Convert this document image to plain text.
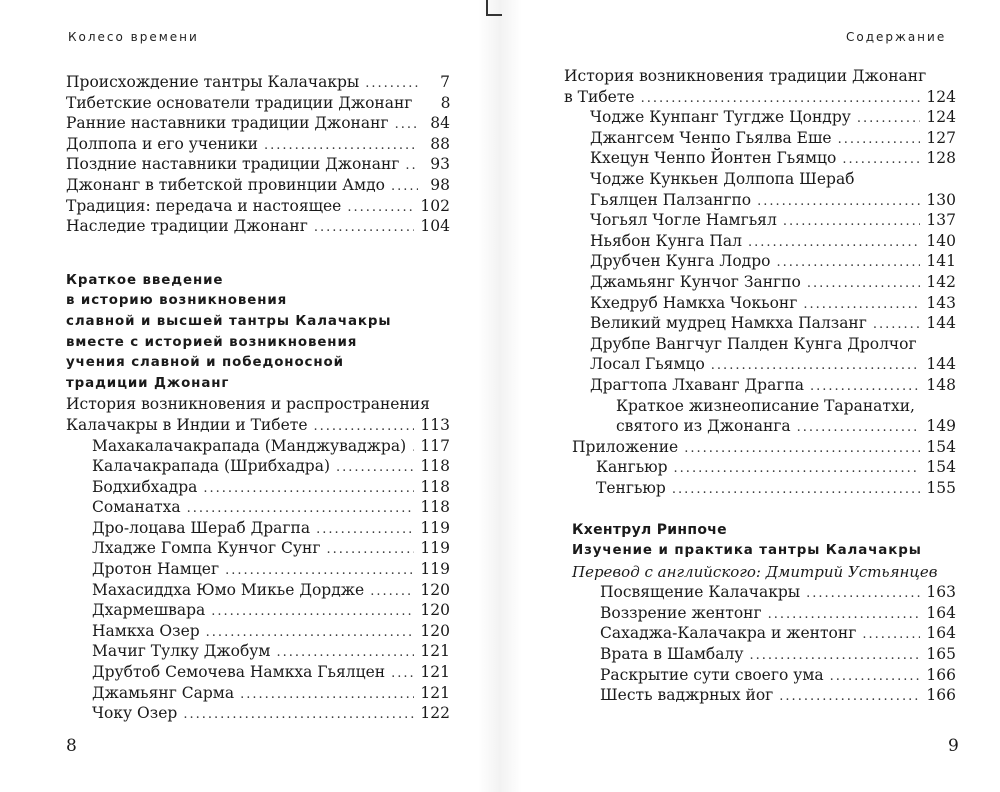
Колесо времени
Происхождение тантры Калачакры .....	7
Тибетские основатели традиции Джонанг	8
Ранние наставники традиции Джонанг .....	84
Долпопа и его ученики .....	88
Поздние наставники традиции Джонанг .....	93
Джонанг в тибетской провинции Амдо .....	98
Традиция: передача и настоящее .....	102
Наследие традиции Джонанг .....	104
Краткое введение
в историю возникновения
славной и высшей тантры Калачакры
вместе с историей возникновения
учения славной и победоносной
традиции Джонанг
История возникновения и распространения
Калачакры в Индии и Тибете .....	113
Махакалачакрапада (Манджуваджра) ..... 117
Калачакрапада (Шрибхадра) .....	118
Бодхибхадра .....	118
Соманатха .....	118
Дро-лоцава Шераб Драгпа .....	119
Лхадже Гомпа Кунчог Сунг .....	119
Дротон Намцег .....	119
Махасиддха Юмо Микье Дордже .....	120
Дхармешвара .....	120
Намкха Озер .....	120
Мачиг Тулку Джобум .....	121
Друбтоб Семочева Намкха Гьялцен ..... 121
Джамьянг Сарма .....	121
Чоку Озер .....	122
8
Содержание
История возникновения традиции Джонанг
в Тибете .....	124
Чодже Кунпанг Тугдже Цондру .....	124
Джангсем Ченпо Гьялва Еше .....	127
Кхецун Ченпо Йонтен Гьямцо .....	128
Чодже Кункьен Долпопа Шераб
Гьялцен Палзангпо .....	130
Чогьял Чогле Намгьял .....	137
Ньябон Кунга Пал .....	140
Друбчен Кунга Лодро .....	141
Джамьянг Кунчог Зангпо .....	142
Кхедруб Намкха Чокьонг .....	143
Великий мудрец Намкха Палзанг .....	144
Друбпе Вангчуг Палден Кунга Дролчог
Лосал Гьямцо .....	144
Драгтопа Лхаванг Драгпа .....	148
Краткое жизнеописание Таранатхи,
святого из Джонанга .....	149
Приложение .....	154
Кангьюр .....	154
Тенгьюр .....	155
Кхентрул Ринпоче
Изучение и практика тантры Калачакры
Перевод с английского: Дмитрий Устьянцев
Посвящение Калачакры .....	163
Воззрение жентонг .....	164
Сахаджа-Калачакра и жентонг .....	164
Врата в Шамбалу .....	165
Раскрытие сути своего ума .....	166
Шесть ваджрных йог .....	166
9
